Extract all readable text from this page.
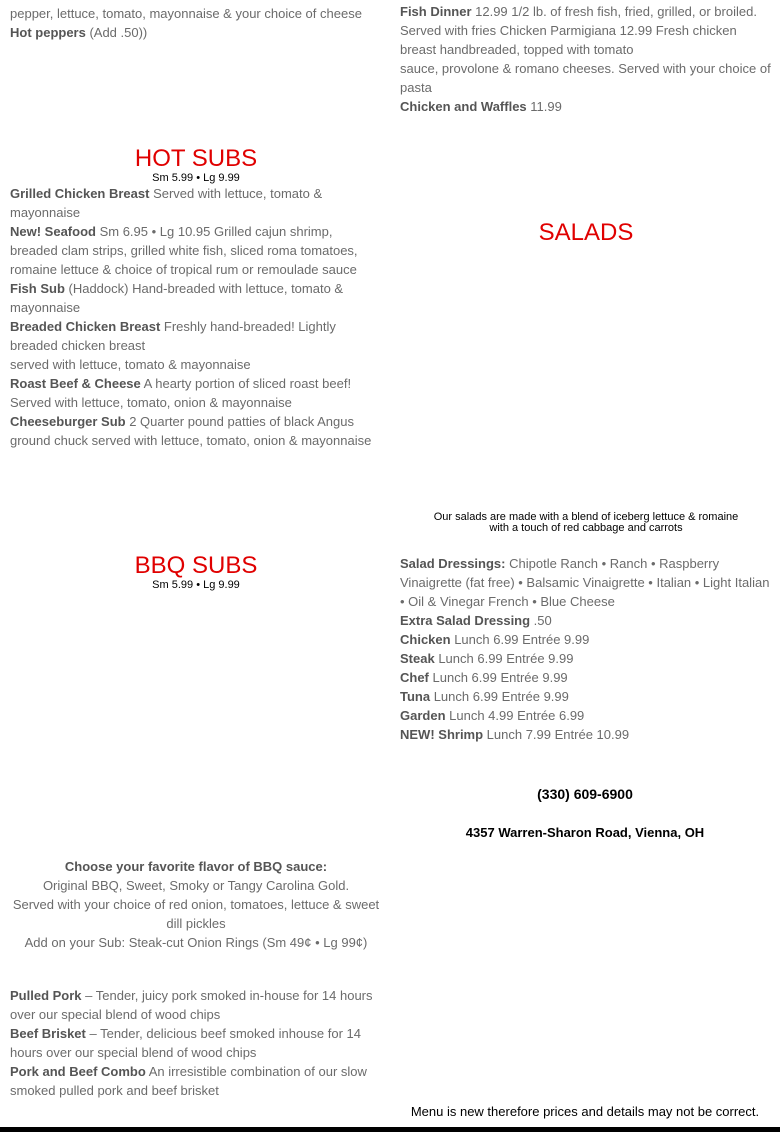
pepper, lettuce, tomato, mayonnaise & your choice of cheese

Hot peppers (Add .50))

Fish Dinner 12.99 1/2 lb. of fresh fish, fried, grilled, or broiled. Served with fries Chicken Parmigiana 12.99 Fresh chicken breast handbreaded, topped with tomato

sauce, provolone & romano cheeses. Served with your choice of pasta

Chicken and Waffles 11.99

HOT SUBS
Sm 5.99 • Lg 9.99

Grilled Chicken Breast Served with lettuce, tomato & mayonnaise

New! Seafood Sm 6.95 • Lg 10.95 Grilled cajun shrimp, breaded clam strips, grilled white fish, sliced roma tomatoes, romaine lettuce & choice of tropical rum or remoulade sauce

Fish Sub (Haddock) Hand-breaded with lettuce, tomato & mayonnaise

Breaded Chicken Breast Freshly hand-breaded! Lightly breaded chicken breast

served with lettuce, tomato & mayonnaise

Roast Beef & Cheese A hearty portion of sliced roast beef! Served with lettuce, tomato, onion & mayonnaise

Cheeseburger Sub 2 Quarter pound patties of black Angus ground chuck served with lettuce, tomato, onion & mayonnaise

SALADS
Our salads are made with a blend of iceberg lettuce & romaine
with a touch of red cabbage and carrots

Salad Dressings: Chipotle Ranch • Ranch • Raspberry Vinaigrette (fat free) • Balsamic Vinaigrette • Italian • Light Italian • Oil & Vinegar French • Blue Cheese

Extra Salad Dressing .50

Chicken Lunch 6.99 Entrée 9.99

Steak Lunch 6.99 Entrée 9.99

Chef Lunch 6.99 Entrée 9.99

Tuna Lunch 6.99 Entrée 9.99

Garden Lunch 4.99 Entrée 6.99

NEW! Shrimp Lunch 7.99 Entrée 10.99

BBQ SUBS
Sm 5.99 • Lg 9.99

Choose your favorite flavor of BBQ sauce:

Original BBQ, Sweet, Smoky or Tangy Carolina Gold.

Served with your choice of red onion, tomatoes, lettuce & sweet dill pickles

Add on your Sub: Steak-cut Onion Rings (Sm 49¢ • Lg 99¢)

Pulled Pork – Tender, juicy pork smoked in-house for 14 hours over our special blend of wood chips

Beef Brisket – Tender, delicious beef smoked inhouse for 14 hours over our special blend of wood chips

Pork and Beef Combo An irresistible combination of our slow smoked pulled pork and beef brisket

(330) 609-6900
4357 Warren-Sharon Road, Vienna, OH
Menu is new therefore prices and details may not be correct.
